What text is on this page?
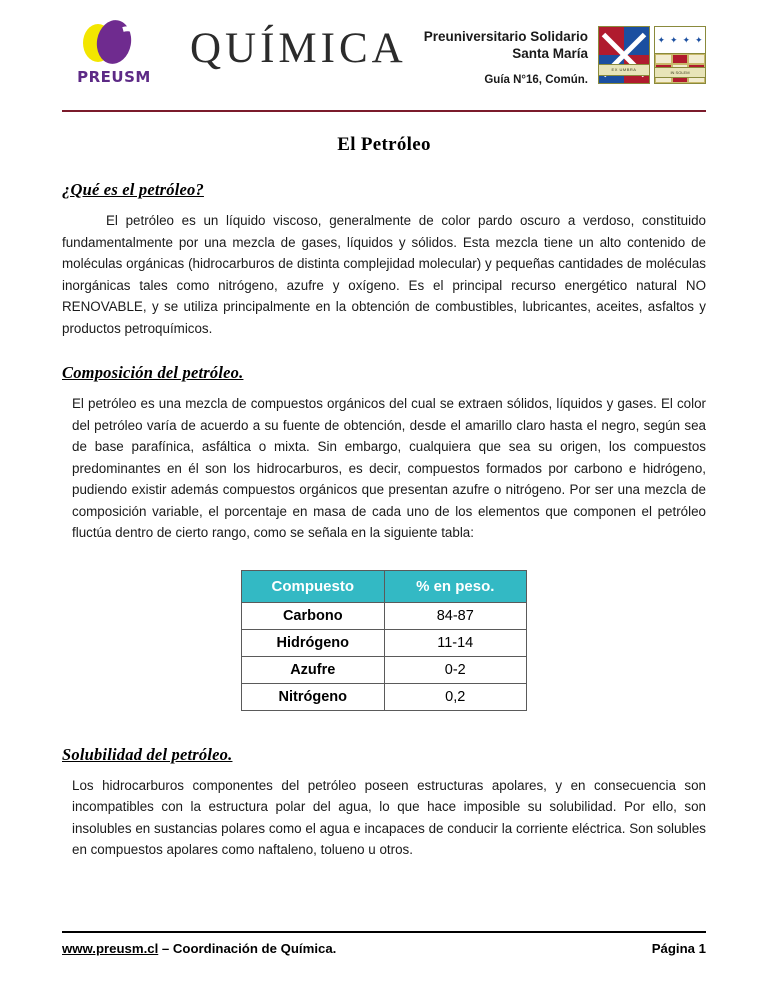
PREUSM
QUÍMICA	Preuniversitario Solidario
Santa María
Guía N°16, Común.
EX UMBRA
✦ ✦ ✦ ✦
IN SOLEM
El Petróleo
¿Qué es el petróleo?

El petróleo es un líquido viscoso, generalmente de color pardo oscuro a verdoso, constituido fundamentalmente por una mezcla de gases, líquidos y sólidos. Esta mezcla tiene un alto contenido de moléculas orgánicas (hidrocarburos de distinta complejidad molecular) y pequeñas cantidades de moléculas inorgánicas tales como nitrógeno, azufre y oxígeno. Es el principal recurso energético natural NO RENOVABLE, y se utiliza principalmente en la obtención de combustibles, lubricantes, aceites, asfaltos y productos petroquímicos.

Composición del petróleo.

El petróleo es una mezcla de compuestos orgánicos del cual se extraen sólidos, líquidos y gases. El color del petróleo varía de acuerdo a su fuente de obtención, desde el amarillo claro hasta el negro, según sea de base parafínica, asfáltica o mixta. Sin embargo, cualquiera que sea su origen, los compuestos predominantes en él son los hidrocarburos, es decir, compuestos formados por carbono e hidrógeno, pudiendo existir además compuestos orgánicos que presentan azufre o nitrógeno. Por ser una mezcla de composición variable, el porcentaje en masa de cada uno de los elementos que componen el petróleo fluctúa dentro de cierto rango, como se señala en la siguiente tabla:

Compuesto	% en peso.
Carbono	84-87
Hidrógeno	11-14
Azufre	0-2
Nitrógeno	0,2
Solubilidad del petróleo.

Los hidrocarburos componentes del petróleo poseen estructuras apolares, y en consecuencia son incompatibles con la estructura polar del agua, lo que hace imposible su solubilidad. Por ello, son insolubles en sustancias polares como el agua e incapaces de conducir la corriente eléctrica. Son solubles en compuestos apolares como naftaleno, tolueno u otros.

www.preusm.cl – Coordinación de Química.	Página 1
